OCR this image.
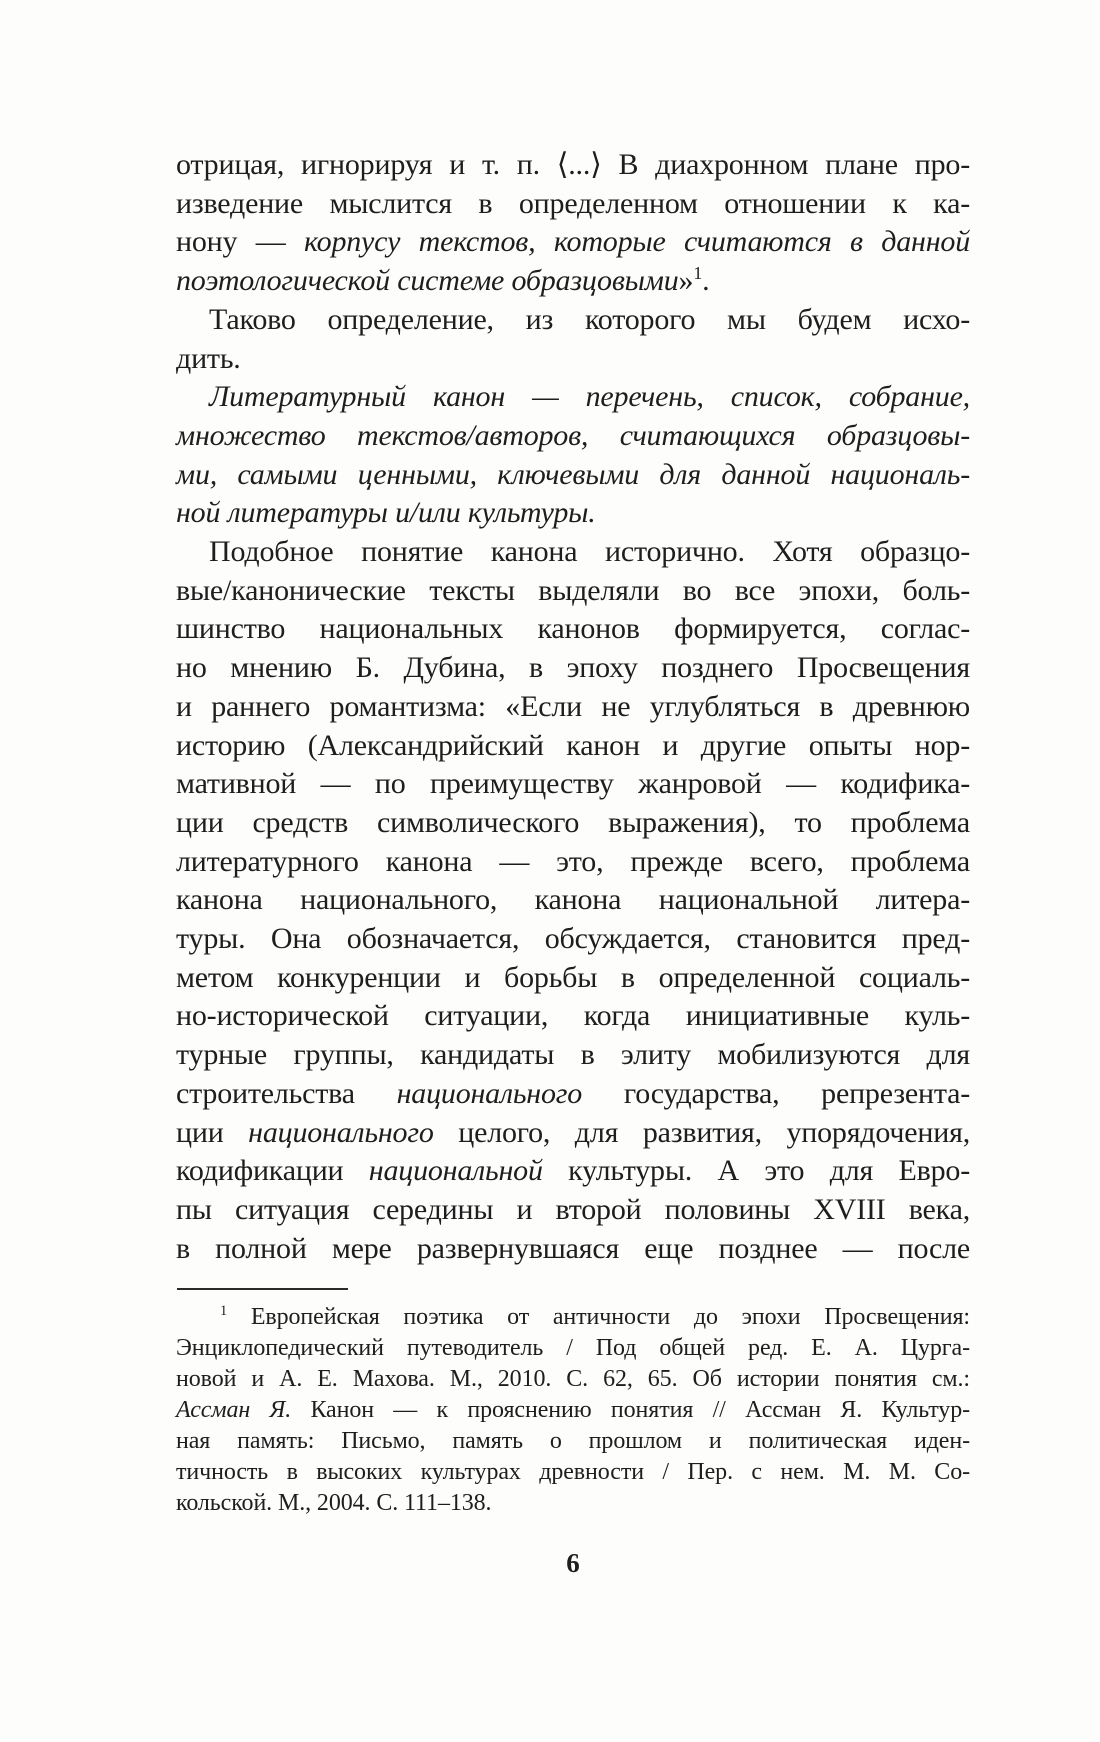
отрицая, игнорируя и т. п. ⟨...⟩ В диахронном плане про-
изведение мыслится в определенном отношении к ка-
нону — корпусу текстов, которые считаются в данной
поэтологической системе образцовыми»$^1$.
Таково определение, из которого мы будем исхо-
дить.
Литературный канон — перечень, список, собрание,
множество текстов/авторов, считающихся образцовы-
ми, самыми ценными, ключевыми для данной националь-
ной литературы и/или культуры.
Подобное понятие канона исторично. Хотя образцо-
вые/канонические тексты выделяли во все эпохи, боль-
шинство национальных канонов формируется, соглас-
но мнению Б. Дубина, в эпоху позднего Просвещения
и раннего романтизма: «Если не углубляться в древнюю
историю (Александрийский канон и другие опыты нор-
мативной — по преимуществу жанровой — кодифика-
ции средств символического выражения), то проблема
литературного канона — это, прежде всего, проблема
канона национального, канона национальной литера-
туры. Она обозначается, обсуждается, становится пред-
метом конкуренции и борьбы в определенной социаль-
но-исторической ситуации, когда инициативные куль-
турные группы, кандидаты в элиту мобилизуются для
строительства национального государства, репрезента-
ции национального целого, для развития, упорядочения,
кодификации национальной культуры. А это для Евро-
пы ситуация середины и второй половины XVIII века,
в полной мере развернувшаяся еще позднее — после
$^1$ Европейская поэтика от античности до эпохи Просвещения:
Энциклопедический путеводитель / Под общей ред. Е. А. Цурга-
новой и А. Е. Махова. М., 2010. С. 62, 65. Об истории понятия см.:
Ассман Я. Канон — к прояснению понятия // Ассман Я. Культур-
ная память: Письмо, память о прошлом и политическая иден-
тичность в высоких культурах древности / Пер. с нем. М. М. Со-
кольской. М., 2004. С. 111–138.
6
